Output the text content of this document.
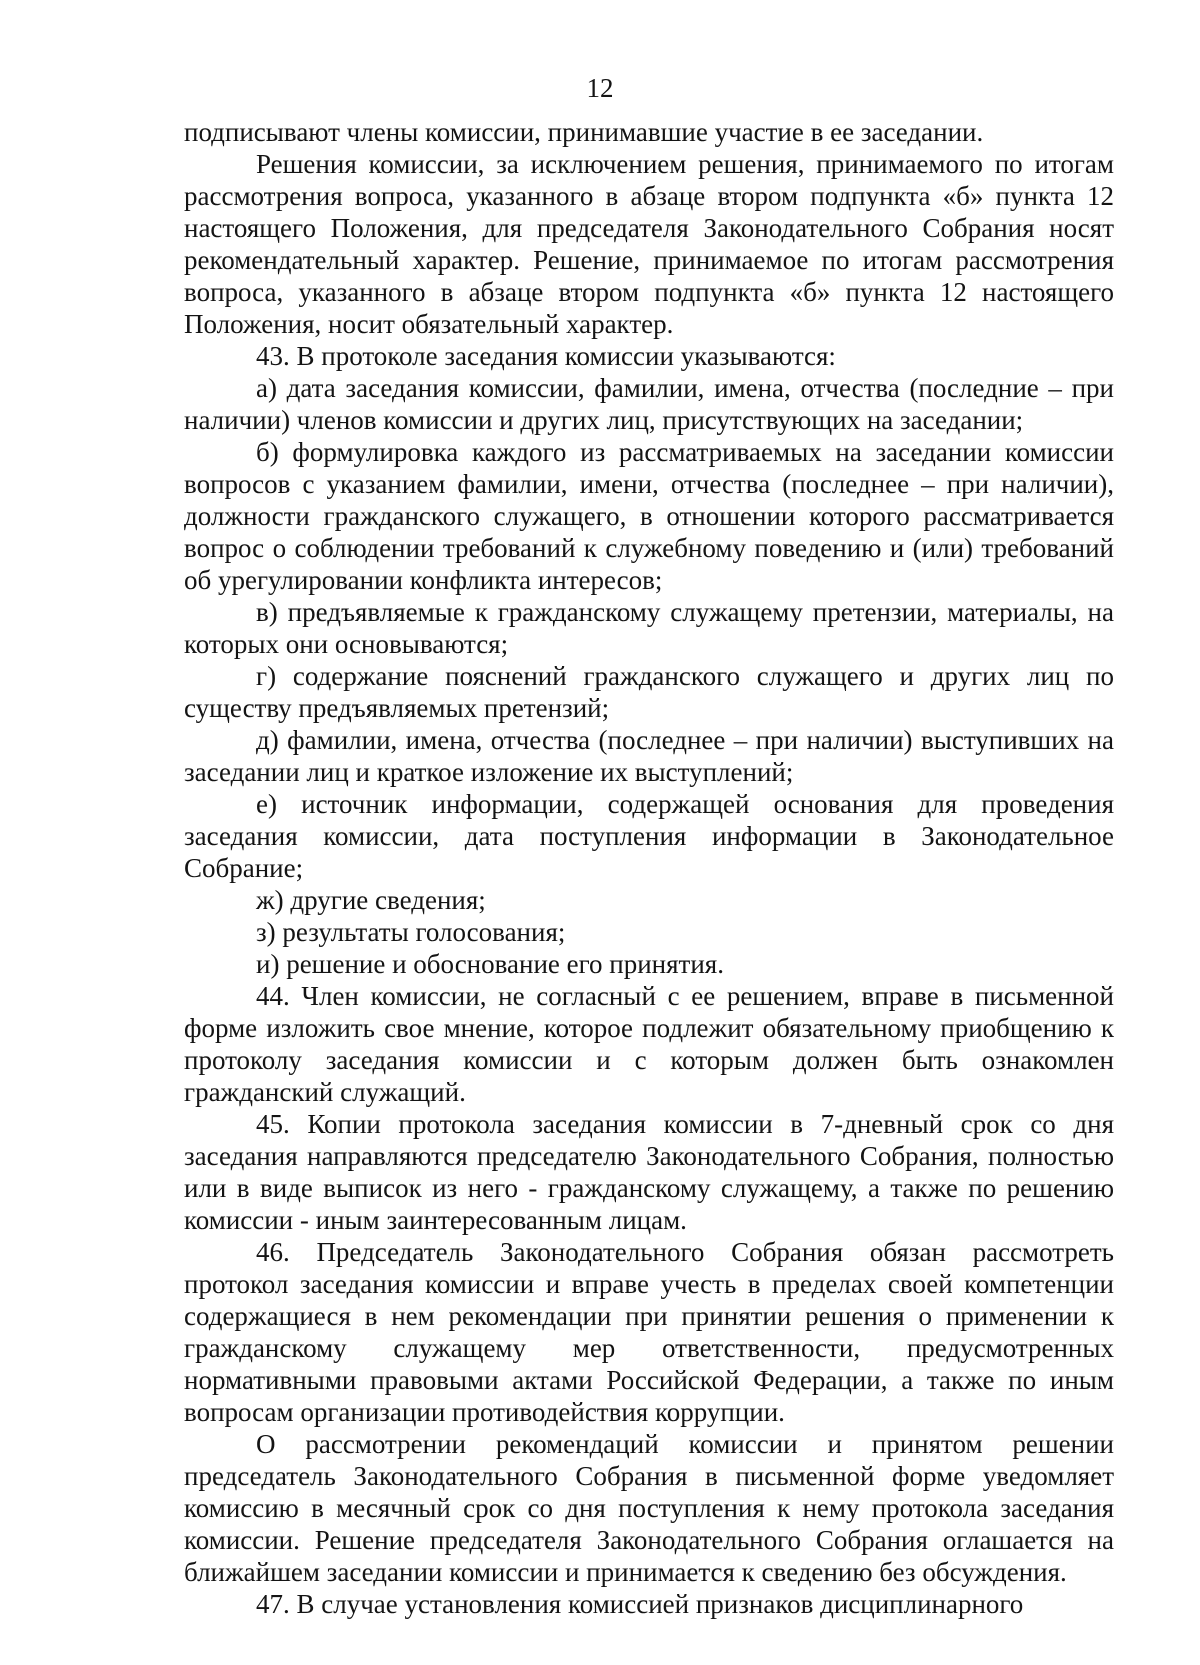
12

подписывают члены комиссии, принимавшие участие в ее заседании.

Решения комиссии, за исключением решения, принимаемого по итогам рассмотрения вопроса, указанного в абзаце втором подпункта «б» пункта 12 настоящего Положения, для председателя Законодательного Собрания носят рекомендательный характер. Решение, принимаемое по итогам рассмотрения вопроса, указанного в абзаце втором подпункта «б» пункта 12 настоящего Положения, носит обязательный характер.

43. В протоколе заседания комиссии указываются:

а) дата заседания комиссии, фамилии, имена, отчества (последние – при наличии) членов комиссии и других лиц, присутствующих на заседании;

б) формулировка каждого из рассматриваемых на заседании комиссии вопросов с указанием фамилии, имени, отчества (последнее – при наличии), должности гражданского служащего, в отношении которого рассматривается вопрос о соблюдении требований к служебному поведению и (или) требований об урегулировании конфликта интересов;

в) предъявляемые к гражданскому служащему претензии, материалы, на которых они основываются;

г) содержание пояснений гражданского служащего и других лиц по существу предъявляемых претензий;

д) фамилии, имена, отчества (последнее – при наличии) выступивших на заседании лиц и краткое изложение их выступлений;

е) источник информации, содержащей основания для проведения заседания комиссии, дата поступления информации в Законодательное Собрание;

ж) другие сведения;

з) результаты голосования;

и) решение и обоснование его принятия.

44. Член комиссии, не согласный с ее решением, вправе в письменной форме изложить свое мнение, которое подлежит обязательному приобщению к протоколу заседания комиссии и с которым должен быть ознакомлен гражданский служащий.

45. Копии протокола заседания комиссии в 7-дневный срок со дня заседания направляются председателю Законодательного Собрания, полностью или в виде выписок из него - гражданскому служащему, а также по решению комиссии - иным заинтересованным лицам.

46. Председатель Законодательного Собрания обязан рассмотреть протокол заседания комиссии и вправе учесть в пределах своей компетенции содержащиеся в нем рекомендации при принятии решения о применении к гражданскому служащему мер ответственности, предусмотренных нормативными правовыми актами Российской Федерации, а также по иным вопросам организации противодействия коррупции.

О рассмотрении рекомендаций комиссии и принятом решении председатель Законодательного Собрания в письменной форме уведомляет комиссию в месячный срок со дня поступления к нему протокола заседания комиссии. Решение председателя Законодательного Собрания оглашается на ближайшем заседании комиссии и принимается к сведению без обсуждения.

47. В случае установления комиссией признаков дисциплинарного
